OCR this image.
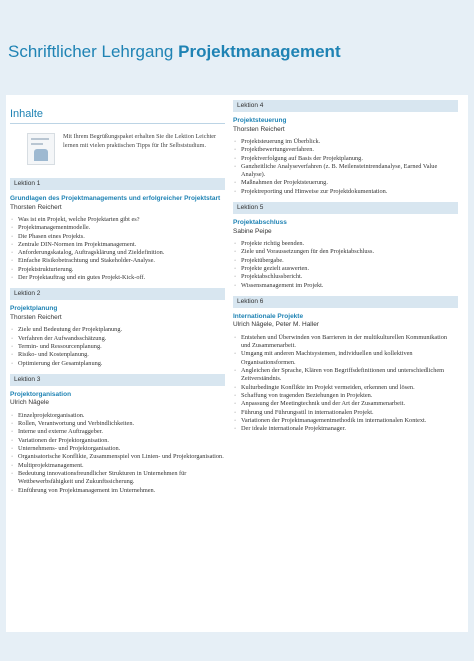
Schriftlicher Lehrgang Projektmanagement
Inhalte
Mit Ihrem Begrüßungspaket erhalten Sie die Lektion Leichter lernen mit vielen praktischen Tipps für Ihr Selbststudium.
Lektion 1
Grundlagen des Projektmanagements und erfolgreicher Projektstart
Thorsten Reichert
· Was ist ein Projekt, welche Projektarten gibt es?
· Projektmanagementmodelle.
· Die Phasen eines Projekts.
· Zentrale DIN-Normen im Projektmanagement.
· Anforderungskatalog, Auftragsklärung und Zieldefinition.
· Einfache Risikobetrachtung und Stakeholder-Analyse.
· Projektstrukturierung.
· Der Projektauftrag und ein gutes Projekt-Kick-off.
Lektion 2
Projektplanung
Thorsten Reichert
· Ziele und Bedeutung der Projektplanung.
· Verfahren der Aufwandsschätzung.
· Termin- und Ressourcenplanung.
· Risiko- und Kostenplanung.
· Optimierung der Gesamtplanung.
Lektion 3
Projektorganisation
Ulrich Nägele
· Einzelprojektorganisation.
· Rollen, Verantwortung und Verbindlichkeiten.
· Interne und externe Auftraggeber.
· Variationen der Projektorganisation.
· Unternehmens- und Projektorganisation.
· Organisatorische Konflikte, Zusammenspiel von Linien- und Projektorganisation.
· Multiprojektmanagement.
· Bedeutung innovationsfreundlicher Strukturen in Unternehmen für Wettbewerbsfähigkeit und Zukunftssicherung.
· Einführung von Projektmanagement im Unternehmen.
Lektion 4
Projektsteuerung
Thorsten Reichert
· Projektsteuerung im Überblick.
· Projektbewertungsverfahren.
· Projektverfolgung auf Basis der Projektplanung.
· Ganzheitliche Analyseverfahren (z. B. Meilensteintrendanalyse, Earned Value Analyse).
· Maßnahmen der Projektsteuerung.
· Projektreporting und Hinweise zur Projektdokumentation.
Lektion 5
Projektabschluss
Sabine Peipe
· Projekte richtig beenden.
· Ziele und Voraussetzungen für den Projektabschluss.
· Projektübergabe.
· Projekte gezielt auswerten.
· Projektabschlussbericht.
· Wissensmanagement im Projekt.
Lektion 6
Internationale Projekte
Ulrich Nägele, Peter M. Haller
· Entstehen und Überwinden von Barrieren in der multikulturellen Kommunikation und Zusammenarbeit.
· Umgang mit anderen Machtsystemen, individuellen und kollektiven Organisationsformen.
· Angleichen der Sprache, Klären von Begriffsdefinitionen und unterschiedlichem Zeitverständnis.
· Kulturbedingte Konflikte im Projekt vermeiden, erkennen und lösen.
· Schaffung von tragenden Beziehungen in Projekten.
· Anpassung der Meetingtechnik und der Art der Zusammenarbeit.
· Führung und Führungsstil in internationalen Projekt.
· Variationen der Projektmanagementmethodik im internationalen Kontext.
· Der ideale internationale Projektmanager.
